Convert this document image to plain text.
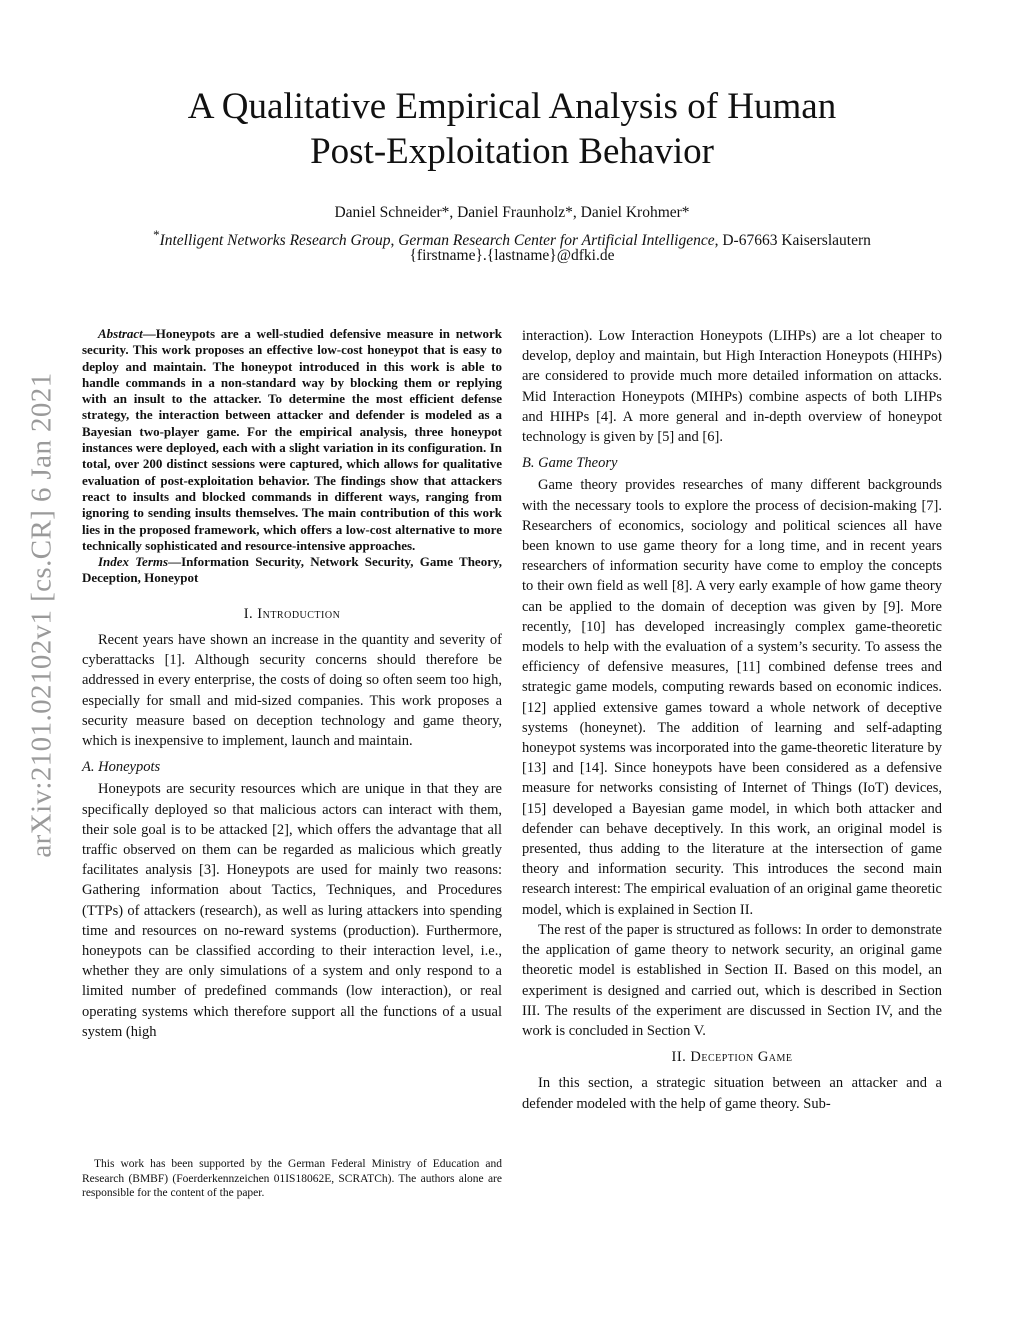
A Qualitative Empirical Analysis of Human
Post-Exploitation Behavior
Daniel Schneider*, Daniel Fraunholz*, Daniel Krohmer*
*Intelligent Networks Research Group, German Research Center for Artificial Intelligence, D-67663 Kaiserslautern
{firstname}.{lastname}@dfki.de
arXiv:2101.02102v1 [cs.CR] 6 Jan 2021

Abstract—Honeypots are a well-studied defensive measure in network security. This work proposes an effective low-cost honeypot that is easy to deploy and maintain. The honeypot introduced in this work is able to handle commands in a non-standard way by blocking them or replying with an insult to the attacker. To determine the most efficient defense strategy, the interaction between attacker and defender is modeled as a Bayesian two-player game. For the empirical analysis, three honeypot instances were deployed, each with a slight variation in its configuration. In total, over 200 distinct sessions were captured, which allows for qualitative evaluation of post-exploitation behavior. The findings show that attackers react to insults and blocked commands in different ways, ranging from ignoring to sending insults themselves. The main contribution of this work lies in the proposed framework, which offers a low-cost alternative to more technically sophisticated and resource-intensive approaches.

Index Terms—Information Security, Network Security, Game Theory, Deception, Honeypot

I. Introduction

Recent years have shown an increase in the quantity and severity of cyberattacks [1]. Although security concerns should therefore be addressed in every enterprise, the costs of doing so often seem too high, especially for small and mid-sized companies. This work proposes a security measure based on deception technology and game theory, which is inexpensive to implement, launch and maintain.

A. Honeypots

Honeypots are security resources which are unique in that they are specifically deployed so that malicious actors can interact with them, their sole goal is to be attacked [2], which offers the advantage that all traffic observed on them can be regarded as malicious which greatly facilitates analysis [3]. Honeypots are used for mainly two reasons: Gathering information about Tactics, Techniques, and Procedures (TTPs) of attackers (research), as well as luring attackers into spending time and resources on no-reward systems (production). Furthermore, honeypots can be classified according to their interaction level, i.e., whether they are only simulations of a system and only respond to a limited number of predefined commands (low interaction), or real operating systems which therefore support all the functions of a usual system (high

This work has been supported by the German Federal Ministry of Education and Research (BMBF) (Foerderkennzeichen 01IS18062E, SCRATCh). The authors alone are responsible for the content of the paper.

interaction). Low Interaction Honeypots (LIHPs) are a lot cheaper to develop, deploy and maintain, but High Interaction Honeypots (HIHPs) are considered to provide much more detailed information on attacks. Mid Interaction Honeypots (MIHPs) combine aspects of both LIHPs and HIHPs [4]. A more general and in-depth overview of honeypot technology is given by [5] and [6].

B. Game Theory

Game theory provides researches of many different backgrounds with the necessary tools to explore the process of decision-making [7]. Researchers of economics, sociology and political sciences all have been known to use game theory for a long time, and in recent years researchers of information security have come to employ the concepts to their own field as well [8]. A very early example of how game theory can be applied to the domain of deception was given by [9]. More recently, [10] has developed increasingly complex game-theoretic models to help with the evaluation of a system’s security. To assess the efficiency of defensive measures, [11] combined defense trees and strategic game models, computing rewards based on economic indices. [12] applied extensive games toward a whole network of deceptive systems (honeynet). The addition of learning and self-adapting honeypot systems was incorporated into the game-theoretic literature by [13] and [14]. Since honeypots have been considered as a defensive measure for networks consisting of Internet of Things (IoT) devices, [15] developed a Bayesian game model, in which both attacker and defender can behave deceptively. In this work, an original model is presented, thus adding to the literature at the intersection of game theory and information security. This introduces the second main research interest: The empirical evaluation of an original game theoretic model, which is explained in Section II.

The rest of the paper is structured as follows: In order to demonstrate the application of game theory to network security, an original game theoretic model is established in Section II. Based on this model, an experiment is designed and carried out, which is described in Section III. The results of the experiment are discussed in Section IV, and the work is concluded in Section V.

II. Deception Game

In this section, a strategic situation between an attacker and a defender modeled with the help of game theory. Sub-
